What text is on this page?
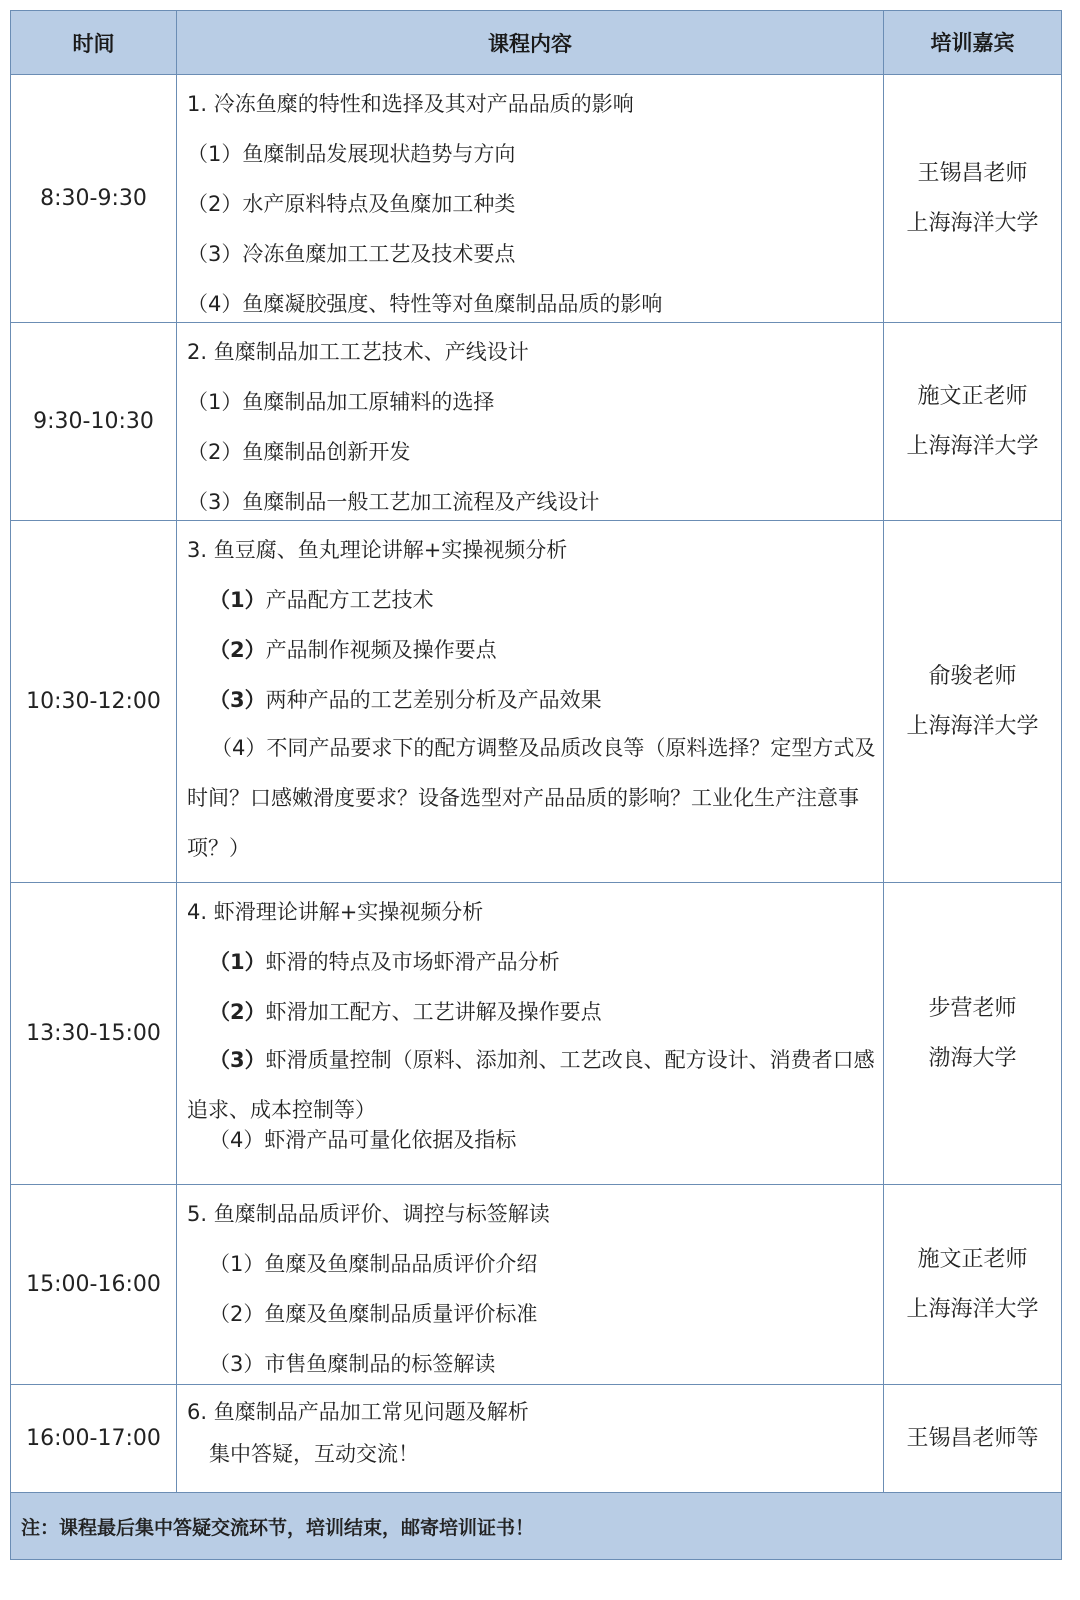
时间	课程内容	培训嘉宾
8:30-9:30
1. 冷冻鱼糜的特性和选择及其对产品品质的影响
（1）鱼糜制品发展现状趋势与方向
（2）水产原料特点及鱼糜加工种类
（3）冷冻鱼糜加工工艺及技术要点
（4）鱼糜凝胶强度、特性等对鱼糜制品品质的影响
王锡昌老师
上海海洋大学
9:30-10:30
2. 鱼糜制品加工工艺技术、产线设计
（1）鱼糜制品加工原辅料的选择
（2）鱼糜制品创新开发
（3）鱼糜制品一般工艺加工流程及产线设计
施文正老师
上海海洋大学
10:30-12:00
3. 鱼豆腐、鱼丸理论讲解+实操视频分析
（1）产品配方工艺技术
（2）产品制作视频及操作要点
（3）两种产品的工艺差别分析及产品效果
（4）不同产品要求下的配方调整及品质改良等（原料选择？定型方式及时间？口感嫩滑度要求？设备选型对产品品质的影响？工业化生产注意事项？）
俞骏老师
上海海洋大学
13:30-15:00
4. 虾滑理论讲解+实操视频分析
（1）虾滑的特点及市场虾滑产品分析
（2）虾滑加工配方、工艺讲解及操作要点
（3）虾滑质量控制（原料、添加剂、工艺改良、配方设计、消费者口感追求、成本控制等）
（4）虾滑产品可量化依据及指标
步营老师
渤海大学
15:00-16:00
5. 鱼糜制品品质评价、调控与标签解读
（1）鱼糜及鱼糜制品品质评价介绍
（2）鱼糜及鱼糜制品质量评价标准
（3）市售鱼糜制品的标签解读
施文正老师
上海海洋大学
16:00-17:00
6. 鱼糜制品产品加工常见问题及解析
集中答疑，互动交流！
王锡昌老师等
注：课程最后集中答疑交流环节，培训结束，邮寄培训证书！
